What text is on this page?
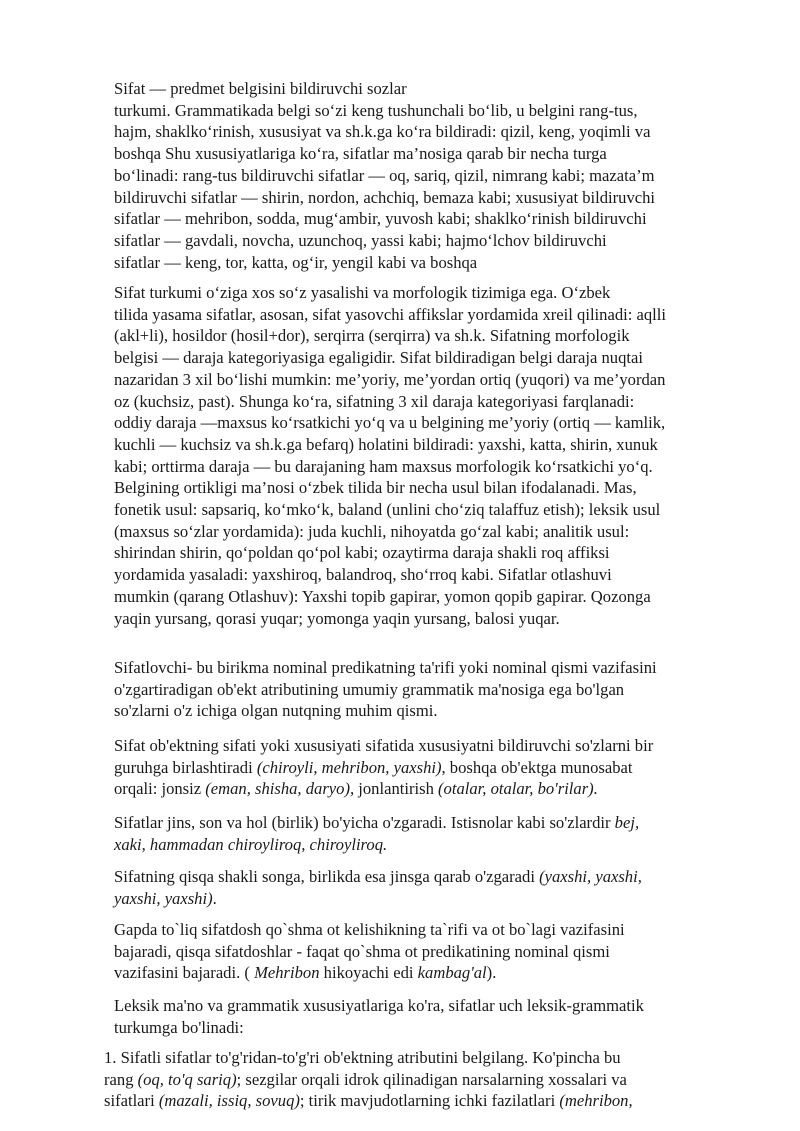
Sifat — predmet belgisini bildiruvchi sozlar
turkumi. Grammatikada belgi so‘zi keng tushunchali bo‘lib, u belgini rang-tus,
hajm, shaklko‘rinish, xususiyat va sh.k.ga ko‘ra bildiradi: qizil, keng, yoqimli va
boshqa Shu xususiyatlariga ko‘ra, sifatlar ma’nosiga qarab bir necha turga
bo‘linadi: rang-tus bildiruvchi sifatlar — oq, sariq, qizil, nimrang kabi; mazata’m
bildiruvchi sifatlar — shirin, nordon, achchiq, bemaza kabi; xususiyat bildiruvchi
sifatlar — mehribon, sodda, mug‘ambir, yuvosh kabi; shaklko‘rinish bildiruvchi
sifatlar — gavdali, novcha, uzunchoq, yassi kabi; hajmo‘lchov bildiruvchi
sifatlar — keng, tor, katta, og‘ir, yengil kabi va boshqa
Sifat turkumi o‘ziga xos so‘z yasalishi va morfologik tizimiga ega. O‘zbek
tilida yasama sifatlar, asosan, sifat yasovchi affikslar yordamida xreil qilinadi: aqlli
(akl+li), hosildor (hosil+dor), serqirra (serqirra) va sh.k. Sifatning morfologik
belgisi — daraja kategoriyasiga egaligidir. Sifat bildiradigan belgi daraja nuqtai
nazaridan 3 xil bo‘lishi mumkin: me’yoriy, me’yordan ortiq (yuqori) va me’yordan
oz (kuchsiz, past). Shunga ko‘ra, sifatning 3 xil daraja kategoriyasi farqlanadi:
oddiy daraja —maxsus ko‘rsatkichi yo‘q va u belgining me’yoriy (ortiq — kamlik,
kuchli — kuchsiz va sh.k.ga befarq) holatini bildiradi: yaxshi, katta, shirin, xunuk
kabi; orttirma daraja — bu darajaning ham maxsus morfologik ko‘rsatkichi yo‘q.
Belgining ortikligi ma’nosi o‘zbek tilida bir necha usul bilan ifodalanadi. Mas,
fonetik usul: sapsariq, ko‘mko‘k, baland (unlini cho‘ziq talaffuz etish); leksik usul
(maxsus so‘zlar yordamida): juda kuchli, nihoyatda go‘zal kabi; analitik usul:
shirindan shirin, qo‘poldan qo‘pol kabi; ozaytirma daraja shakli roq affiksi
yordamida yasaladi: yaxshiroq, balandroq, sho‘rroq kabi. Sifatlar otlashuvi
mumkin (qarang Otlashuv): Yaxshi topib gapirar, yomon qopib gapirar. Qozonga
yaqin yursang, qorasi yuqar; yomonga yaqin yursang, balosi yuqar.
Sifatlovchi- bu birikma nominal predikatning ta'rifi yoki nominal qismi vazifasini
o'zgartiradigan ob'ekt atributining umumiy grammatik ma'nosiga ega bo'lgan
so'zlarni o'z ichiga olgan nutqning muhim qismi.
Sifat ob'ektning sifati yoki xususiyati sifatida xususiyatni bildiruvchi so'zlarni bir
guruhga birlashtiradi (chiroyli, mehribon, yaxshi), boshqa ob'ektga munosabat
orqali: jonsiz (eman, shisha, daryo), jonlantirish (otalar, otalar, bo'rilar).
Sifatlar jins, son va hol (birlik) bo'yicha o'zgaradi. Istisnolar kabi so'zlardir bej,
xaki, hammadan chiroyliroq, chiroyliroq.
Sifatning qisqa shakli songa, birlikda esa jinsga qarab o'zgaradi (yaxshi, yaxshi,
yaxshi, yaxshi).
Gapda to`liq sifatdosh qo`shma ot kelishikning ta`rifi va ot bo`lagi vazifasini
bajaradi, qisqa sifatdoshlar - faqat qo`shma ot predikatining nominal qismi
vazifasini bajaradi. ( Mehribon hikoyachi edi kambag'al).
Leksik ma'no va grammatik xususiyatlariga ko'ra, sifatlar uch leksik-grammatik
turkumga bo'linadi:
1. Sifatli sifatlar to'g'ridan-to'g'ri ob'ektning atributini belgilang. Ko'pincha bu
rang (oq, to'q sariq); sezgilar orqali idrok qilinadigan narsalarning xossalari va
sifatlari (mazali, issiq, sovuq); tirik mavjudotlarning ichki fazilatlari (mehribon,
